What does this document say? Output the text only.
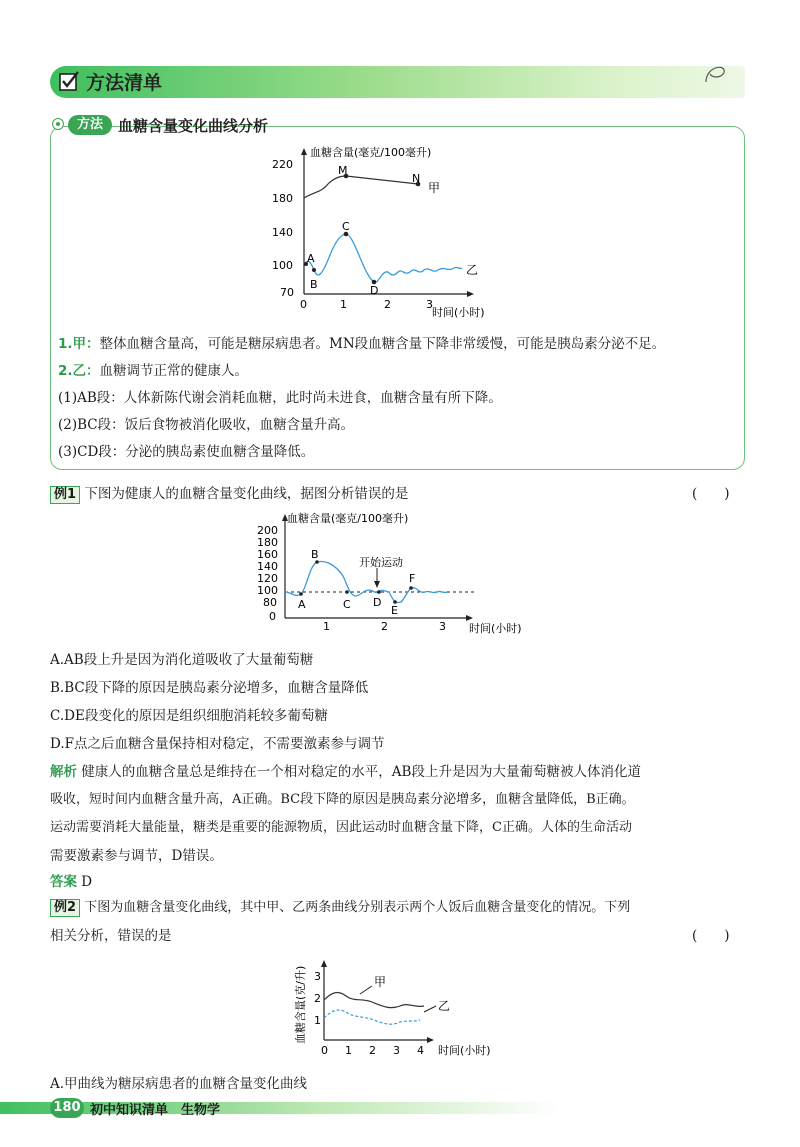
方法清单
方法	血糖含量变化曲线分析
血糖含量(毫克/100毫升)
时间(小时)
220
180
140
100
70
0	1	2	3
A
B
C
D
M
N
甲
乙
1.甲：整体血糖含量高，可能是糖尿病患者。MN段血糖含量下降非常缓慢，可能是胰岛素分泌不足。
2.乙：血糖调节正常的健康人。
(1)AB段：人体新陈代谢会消耗血糖，此时尚未进食，血糖含量有所下降。
(2)BC段：饭后食物被消化吸收，血糖含量升高。
(3)CD段：分泌的胰岛素使血糖含量降低。
例1 下图为健康人的血糖含量变化曲线，据图分析错误的是	(　　)
血糖含量(毫克/100毫升)
时间(小时)
200
180
160
140
120
100
80
0
1	2	3
A
B
C D
E
F
开始运动
A.AB段上升是因为消化道吸收了大量葡萄糖
B.BC段下降的原因是胰岛素分泌增多，血糖含量降低
C.DE段变化的原因是组织细胞消耗较多葡萄糖
D.F点之后血糖含量保持相对稳定，不需要激素参与调节
解析 健康人的血糖含量总是维持在一个相对稳定的水平，AB段上升是因为大量葡萄糖被人体消化道
吸收，短时间内血糖含量升高，A正确。BC段下降的原因是胰岛素分泌增多，血糖含量降低，B正确。
运动需要消耗大量能量，糖类是重要的能源物质，因此运动时血糖含量下降，C正确。人体的生命活动
需要激素参与调节，D错误。
答案 D
例2 下图为血糖含量变化曲线，其中甲、乙两条曲线分别表示两个人饭后血糖含量变化的情况。下列
相关分析，错误的是	(　　)
血糖含量(克/升) 3
2
1
0 1 2 3 4 时间(小时)
甲
乙
A.甲曲线为糖尿病患者的血糖含量变化曲线
180 初中知识清单　生物学
